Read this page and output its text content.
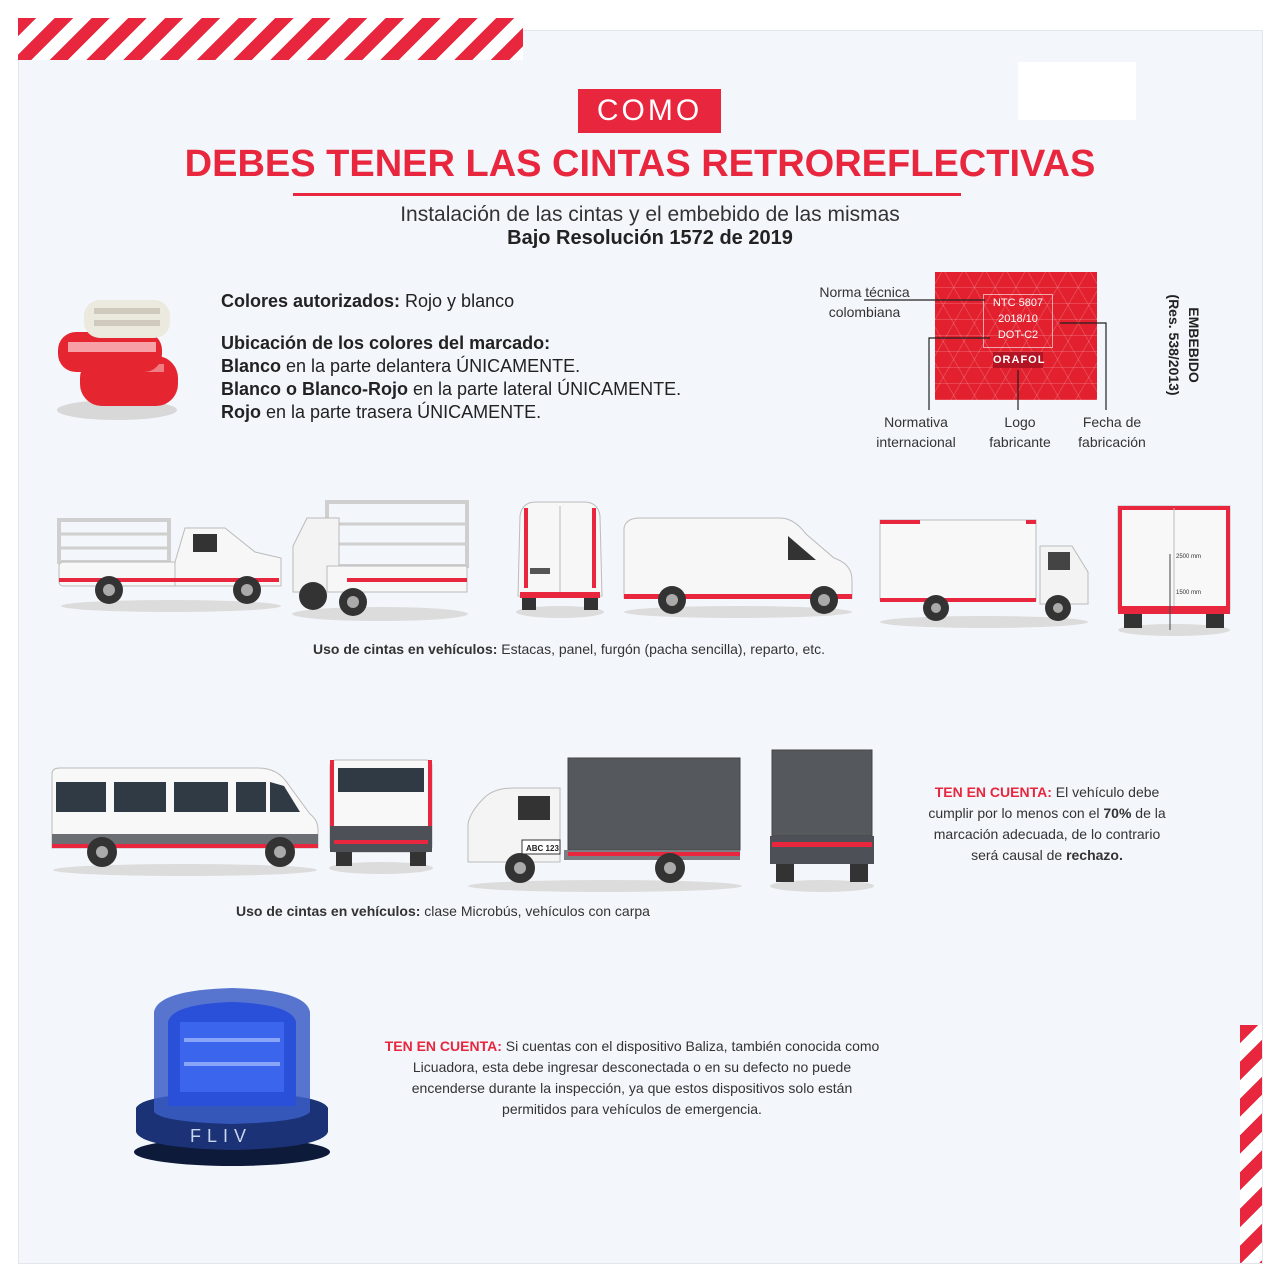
COMO
DEBES TENER LAS CINTAS RETROREFLECTIVAS
Instalación de las cintas y el embebido de las mismas
Bajo Resolución 1572 de 2019
Colores autorizados: Rojo y blanco
Ubicación de los colores del marcado:
Blanco en la parte delantera ÚNICAMENTE.
Blanco o Blanco-Rojo en la parte lateral ÚNICAMENTE.
Rojo en la parte trasera ÚNICAMENTE.
NTC 5807
2018/10
DOT-C2
ORAFOL
Norma técnica
colombiana
Normativa
internacional
Logo
fabricante
Fecha de
fabricación
EMBEBIDO
(Res. 538/2013)
2500 mm
1500 mm
Uso de cintas en vehículos: Estacas, panel, furgón (pacha sencilla), reparto, etc.
ABC 123
TEN EN CUENTA: El vehículo debe
cumplir por lo menos con el 70% de la
marcación adecuada, de lo contrario
será causal de rechazo.
Uso de cintas en vehículos: clase Microbús, vehículos con carpa
FLIV
TEN EN CUENTA: Si cuentas con el dispositivo Baliza, también conocida como
Licuadora, esta debe ingresar desconectada o en su defecto no puede
encenderse durante la inspección, ya que estos dispositivos solo están
permitidos para vehículos de emergencia.
